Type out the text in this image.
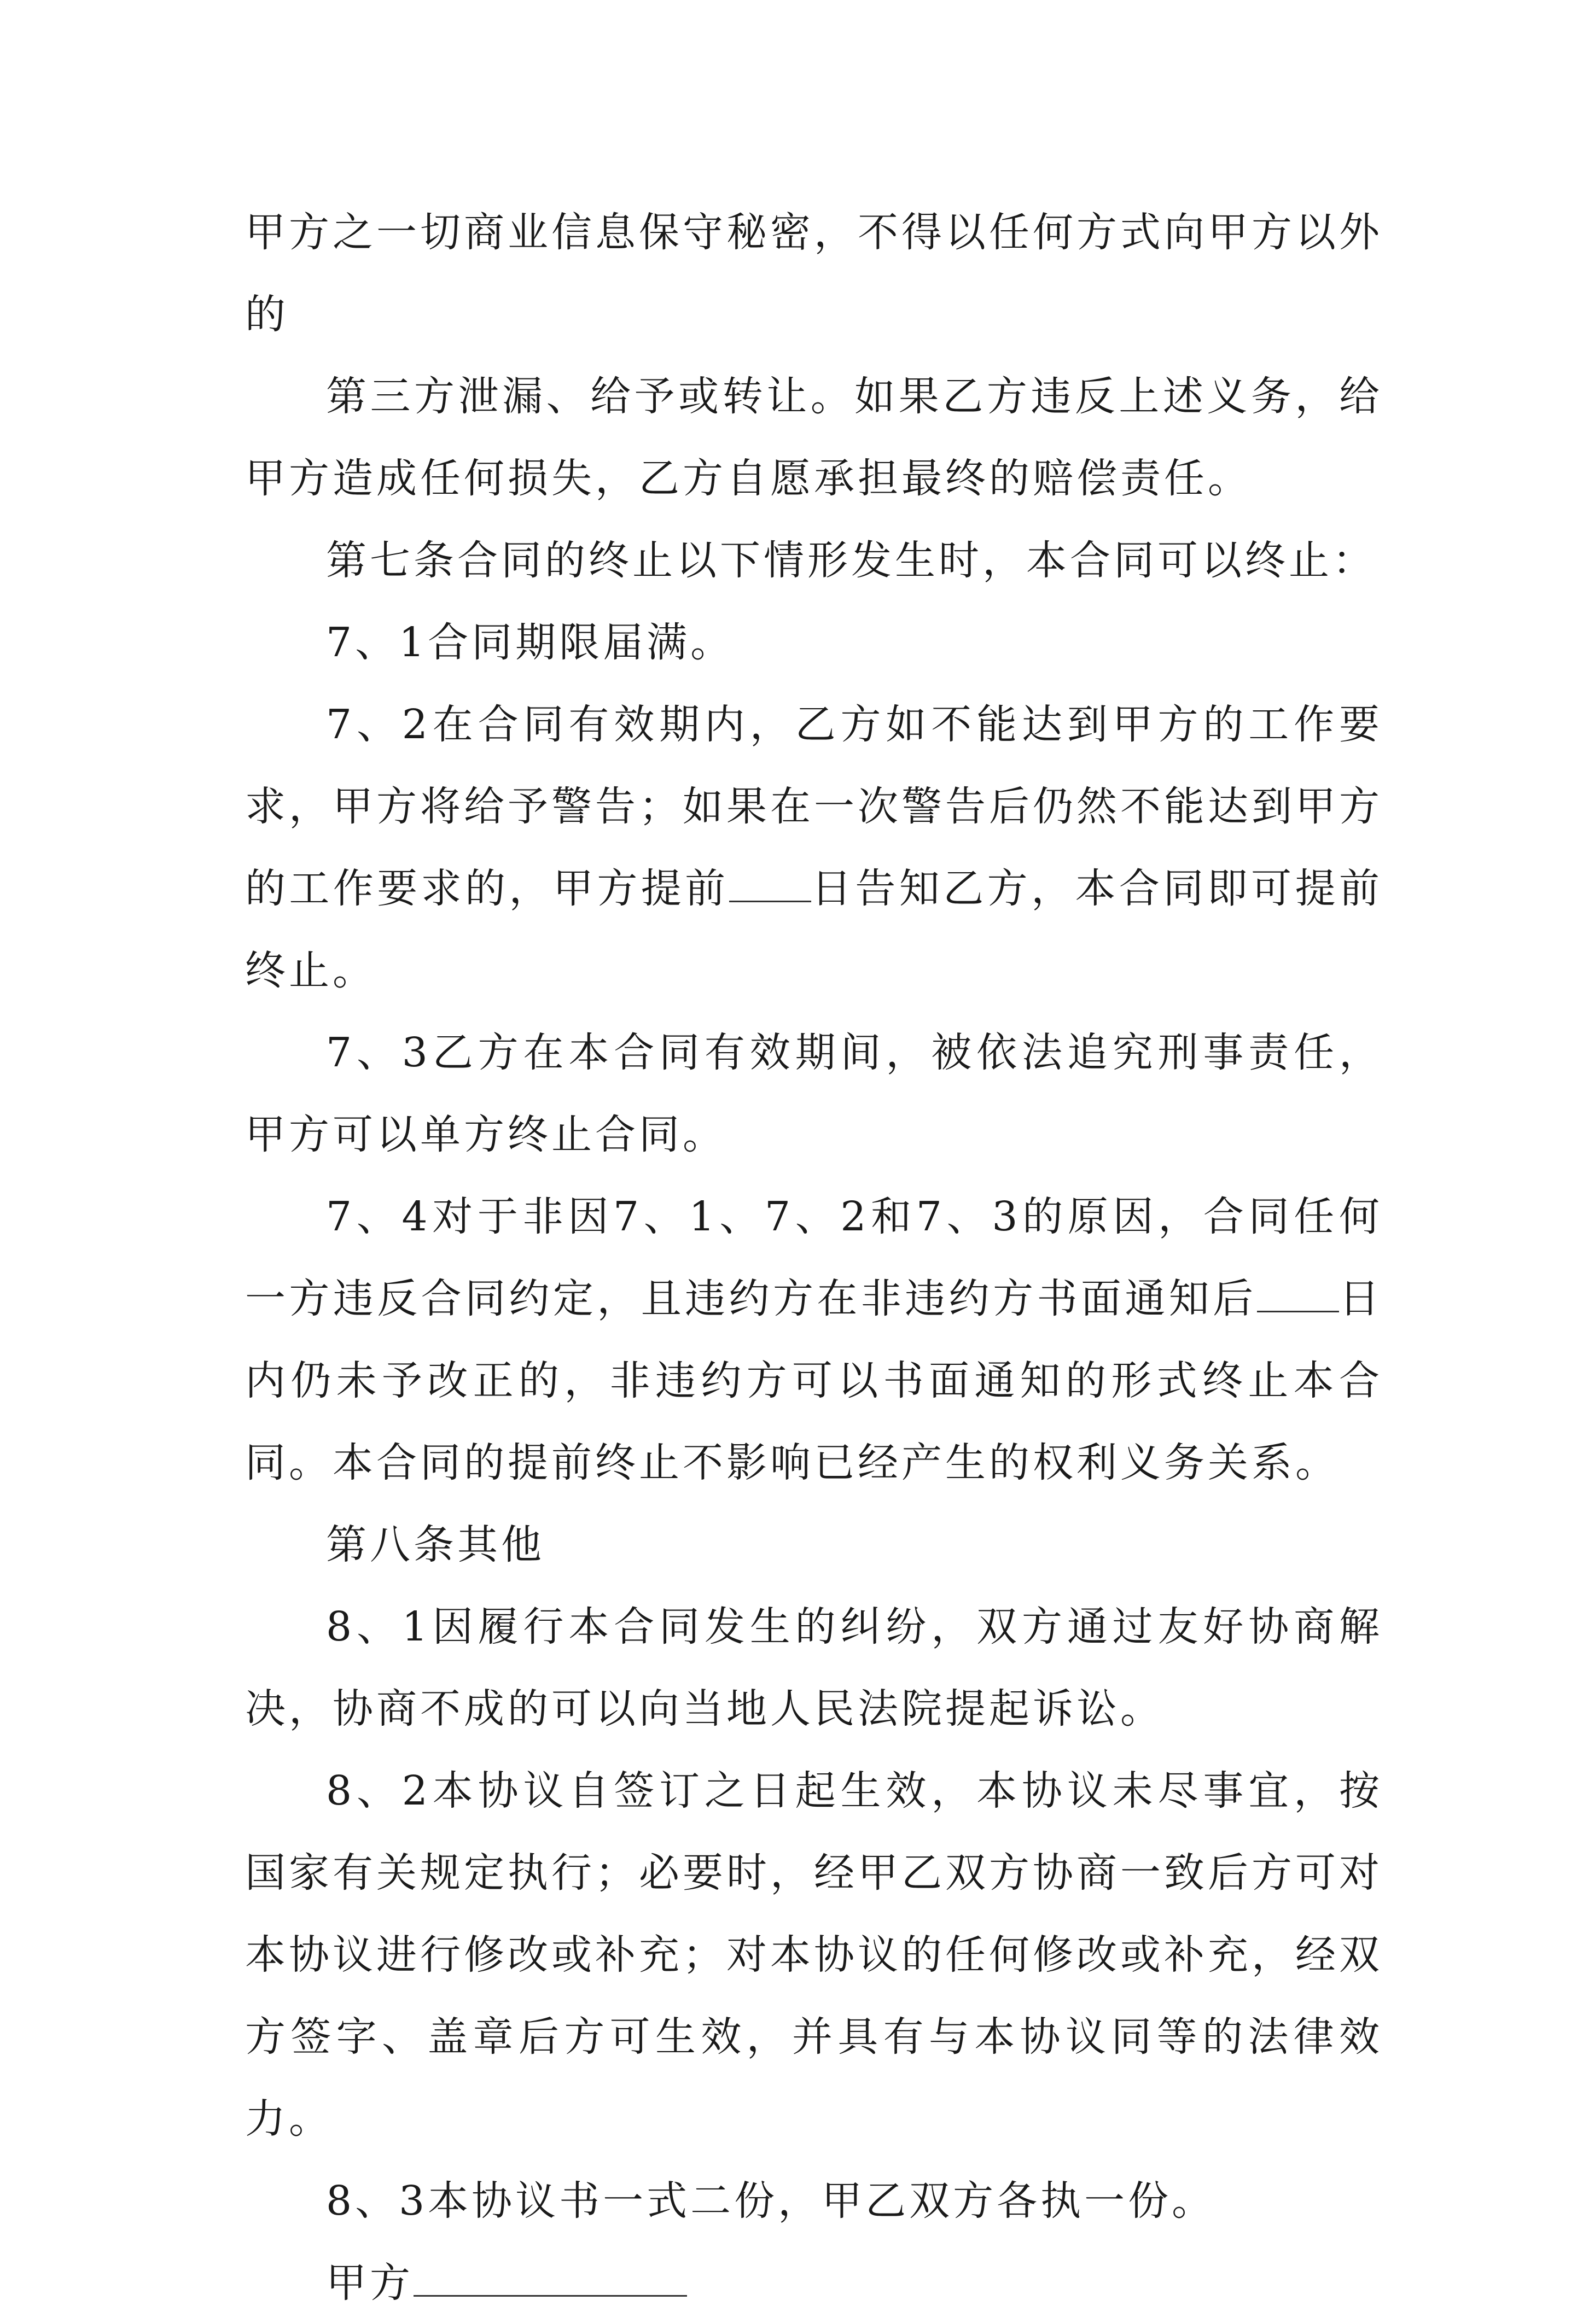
甲方之一切商业信息保守秘密，不得以任何方式向甲方以外的

第三方泄漏、给予或转让。如果乙方违反上述义务，给甲方造成任何损失，乙方自愿承担最终的赔偿责任。

第七条合同的终止以下情形发生时，本合同可以终止：

7、1合同期限届满。

7、2在合同有效期内，乙方如不能达到甲方的工作要求，甲方将给予警告；如果在一次警告后仍然不能达到甲方的工作要求的，甲方提前 日告知乙方，本合同即可提前终止。

7、3乙方在本合同有效期间，被依法追究刑事责任，甲方可以单方终止合同。

7、4对于非因7、1、7、2和7、3的原因，合同任何一方违反合同约定，且违约方在非违约方书面通知后 日内仍未予改正的，非违约方可以书面通知的形式终止本合同。本合同的提前终止不影响已经产生的权利义务关系。

第八条其他

8、1因履行本合同发生的纠纷，双方通过友好协商解决，协商不成的可以向当地人民法院提起诉讼。

8、2本协议自签订之日起生效，本协议未尽事宜，按国家有关规定执行；必要时，经甲乙双方协商一致后方可对本协议进行修改或补充；对本协议的任何修改或补充，经双方签字、盖章后方可生效，并具有与本协议同等的法律效力。

8、3本协议书一式二份，甲乙双方各执一份。

甲方
